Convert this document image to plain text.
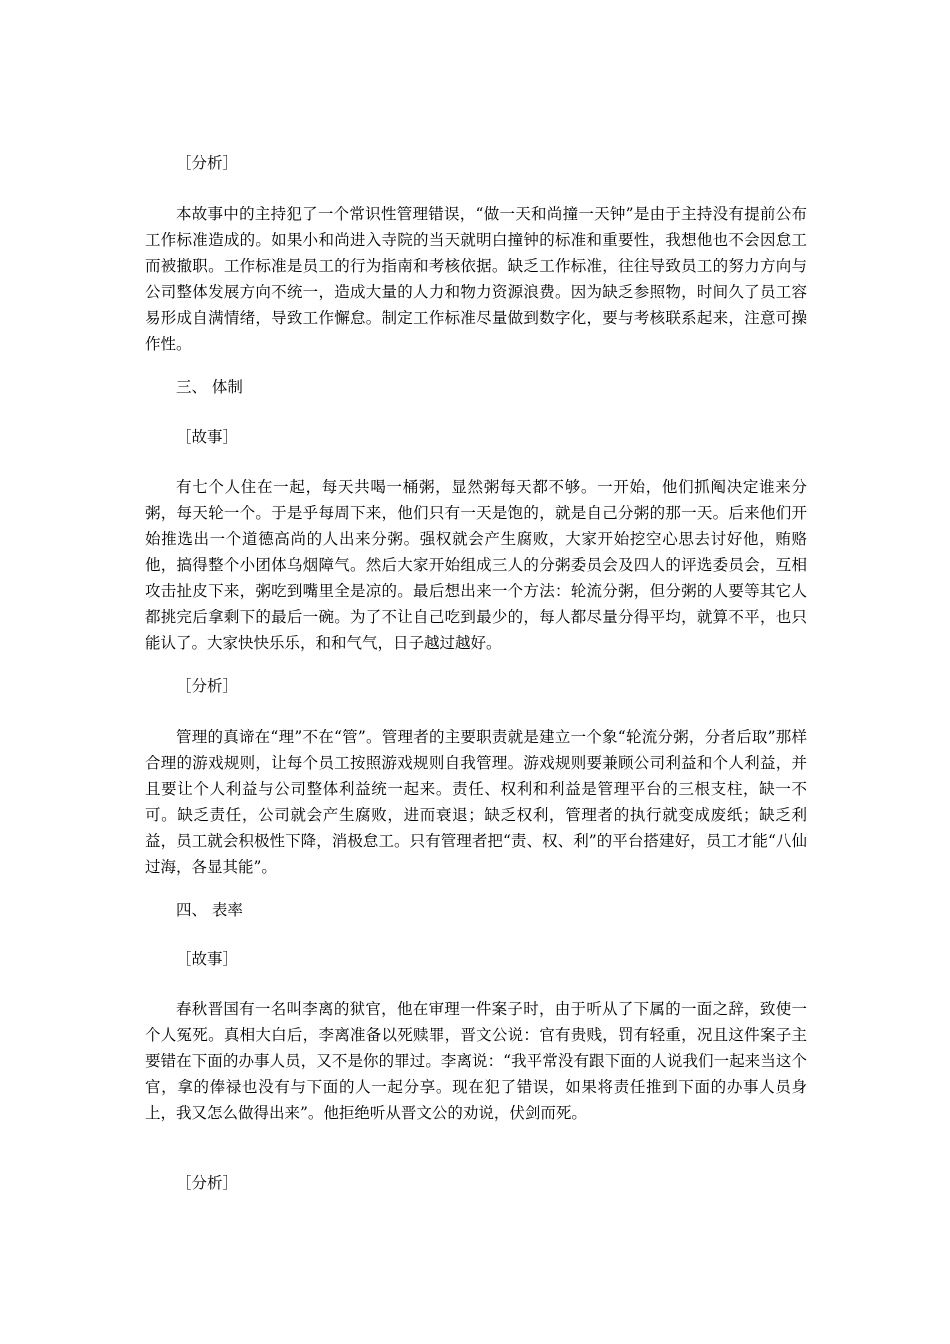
［分析］

本故事中的主持犯了一个常识性管理错误，“做一天和尚撞一天钟”是由于主持没有提前公布工作标准造成的。如果小和尚进入寺院的当天就明白撞钟的标准和重要性，我想他也不会因怠工而被撤职。工作标准是员工的行为指南和考核依据。缺乏工作标准，往往导致员工的努力方向与公司整体发展方向不统一，造成大量的人力和物力资源浪费。因为缺乏参照物，时间久了员工容易形成自满情绪，导致工作懈怠。制定工作标准尽量做到数字化，要与考核联系起来，注意可操作性。

三、 体制

［故事］

有七个人住在一起，每天共喝一桶粥，显然粥每天都不够。一开始，他们抓阄决定谁来分粥，每天轮一个。于是乎每周下来，他们只有一天是饱的，就是自己分粥的那一天。后来他们开始推选出一个道德高尚的人出来分粥。强权就会产生腐败，大家开始挖空心思去讨好他，贿赂他，搞得整个小团体乌烟障气。然后大家开始组成三人的分粥委员会及四人的评选委员会，互相攻击扯皮下来，粥吃到嘴里全是凉的。最后想出来一个方法：轮流分粥，但分粥的人要等其它人都挑完后拿剩下的最后一碗。为了不让自己吃到最少的，每人都尽量分得平均，就算不平，也只能认了。大家快快乐乐，和和气气，日子越过越好。

［分析］

管理的真谛在“理”不在“管”。管理者的主要职责就是建立一个象“轮流分粥，分者后取”那样合理的游戏规则，让每个员工按照游戏规则自我管理。游戏规则要兼顾公司利益和个人利益，并且要让个人利益与公司整体利益统一起来。责任、权利和利益是管理平台的三根支柱，缺一不可。缺乏责任，公司就会产生腐败，进而衰退；缺乏权利，管理者的执行就变成废纸；缺乏利益，员工就会积极性下降，消极怠工。只有管理者把“责、权、利”的平台搭建好，员工才能“八仙过海，各显其能”。

四、 表率

［故事］

春秋晋国有一名叫李离的狱官，他在审理一件案子时，由于听从了下属的一面之辞，致使一个人冤死。真相大白后，李离准备以死赎罪，晋文公说：官有贵贱，罚有轻重，况且这件案子主要错在下面的办事人员，又不是你的罪过。李离说：“我平常没有跟下面的人说我们一起来当这个官，拿的俸禄也没有与下面的人一起分享。现在犯了错误，如果将责任推到下面的办事人员身上，我又怎么做得出来”。他拒绝听从晋文公的劝说，伏剑而死。

［分析］
